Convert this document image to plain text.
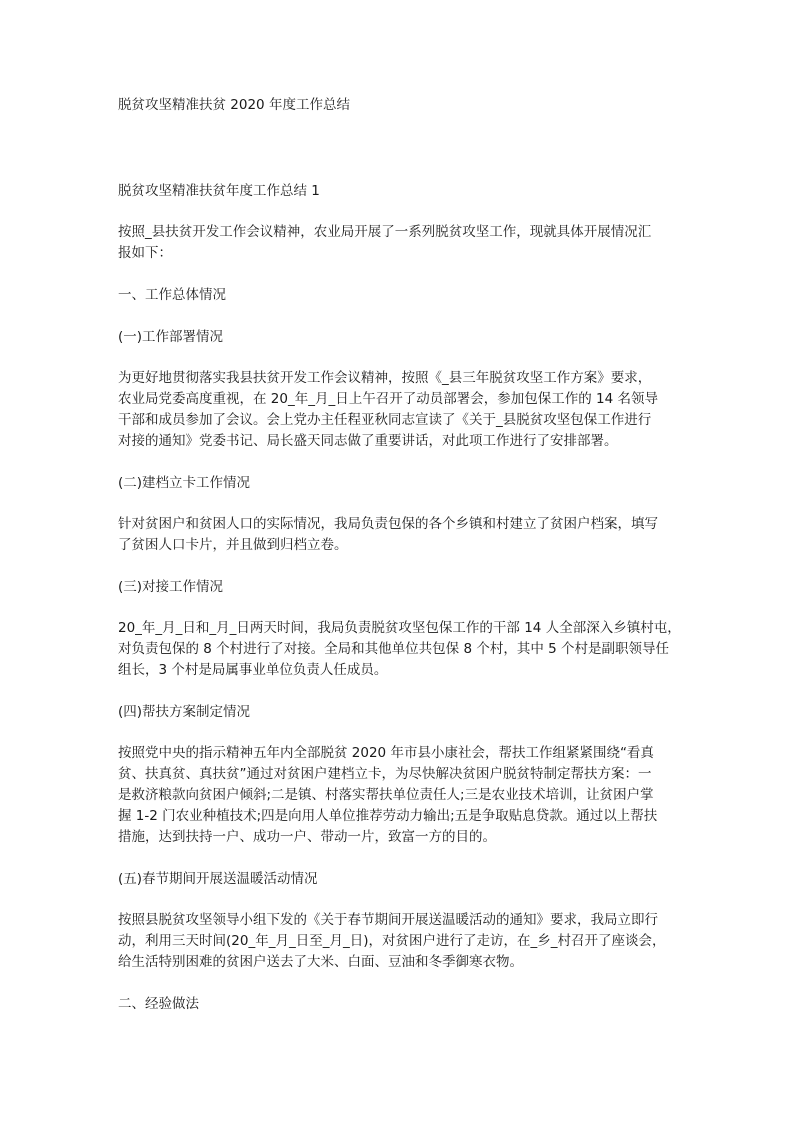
脱贫攻坚精准扶贫 2020 年度工作总结
脱贫攻坚精准扶贫年度工作总结 1
按照_县扶贫开发工作会议精神，农业局开展了一系列脱贫攻坚工作，现就具体开展情况汇
报如下：
一、工作总体情况
(一)工作部署情况
为更好地贯彻落实我县扶贫开发工作会议精神，按照《_县三年脱贫攻坚工作方案》要求，
农业局党委高度重视，在 20_年_月_日上午召开了动员部署会，参加包保工作的 14 名领导
干部和成员参加了会议。会上党办主任程亚秋同志宣读了《关于_县脱贫攻坚包保工作进行
对接的通知》党委书记、局长盛天同志做了重要讲话，对此项工作进行了安排部署。
(二)建档立卡工作情况
针对贫困户和贫困人口的实际情况，我局负责包保的各个乡镇和村建立了贫困户档案，填写
了贫困人口卡片，并且做到归档立卷。
(三)对接工作情况
20_年_月_日和_月_日两天时间，我局负责脱贫攻坚包保工作的干部 14 人全部深入乡镇村屯，
对负责包保的 8 个村进行了对接。全局和其他单位共包保 8 个村，其中 5 个村是副职领导任
组长，3 个村是局属事业单位负责人任成员。
(四)帮扶方案制定情况
按照党中央的指示精神五年内全部脱贫 2020 年市县小康社会，帮扶工作组紧紧围绕“看真
贫、扶真贫、真扶贫”通过对贫困户建档立卡，为尽快解决贫困户脱贫特制定帮扶方案：一
是救济粮款向贫困户倾斜;二是镇、村落实帮扶单位责任人;三是农业技术培训，让贫困户掌
握 1-2 门农业种植技术;四是向用人单位推荐劳动力输出;五是争取贴息贷款。通过以上帮扶
措施，达到扶持一户、成功一户、带动一片，致富一方的目的。
(五)春节期间开展送温暖活动情况
按照县脱贫攻坚领导小组下发的《关于春节期间开展送温暖活动的通知》要求，我局立即行
动，利用三天时间(20_年_月_日至_月_日)，对贫困户进行了走访，在_乡_村召开了座谈会，
给生活特别困难的贫困户送去了大米、白面、豆油和冬季御寒衣物。
二、经验做法
